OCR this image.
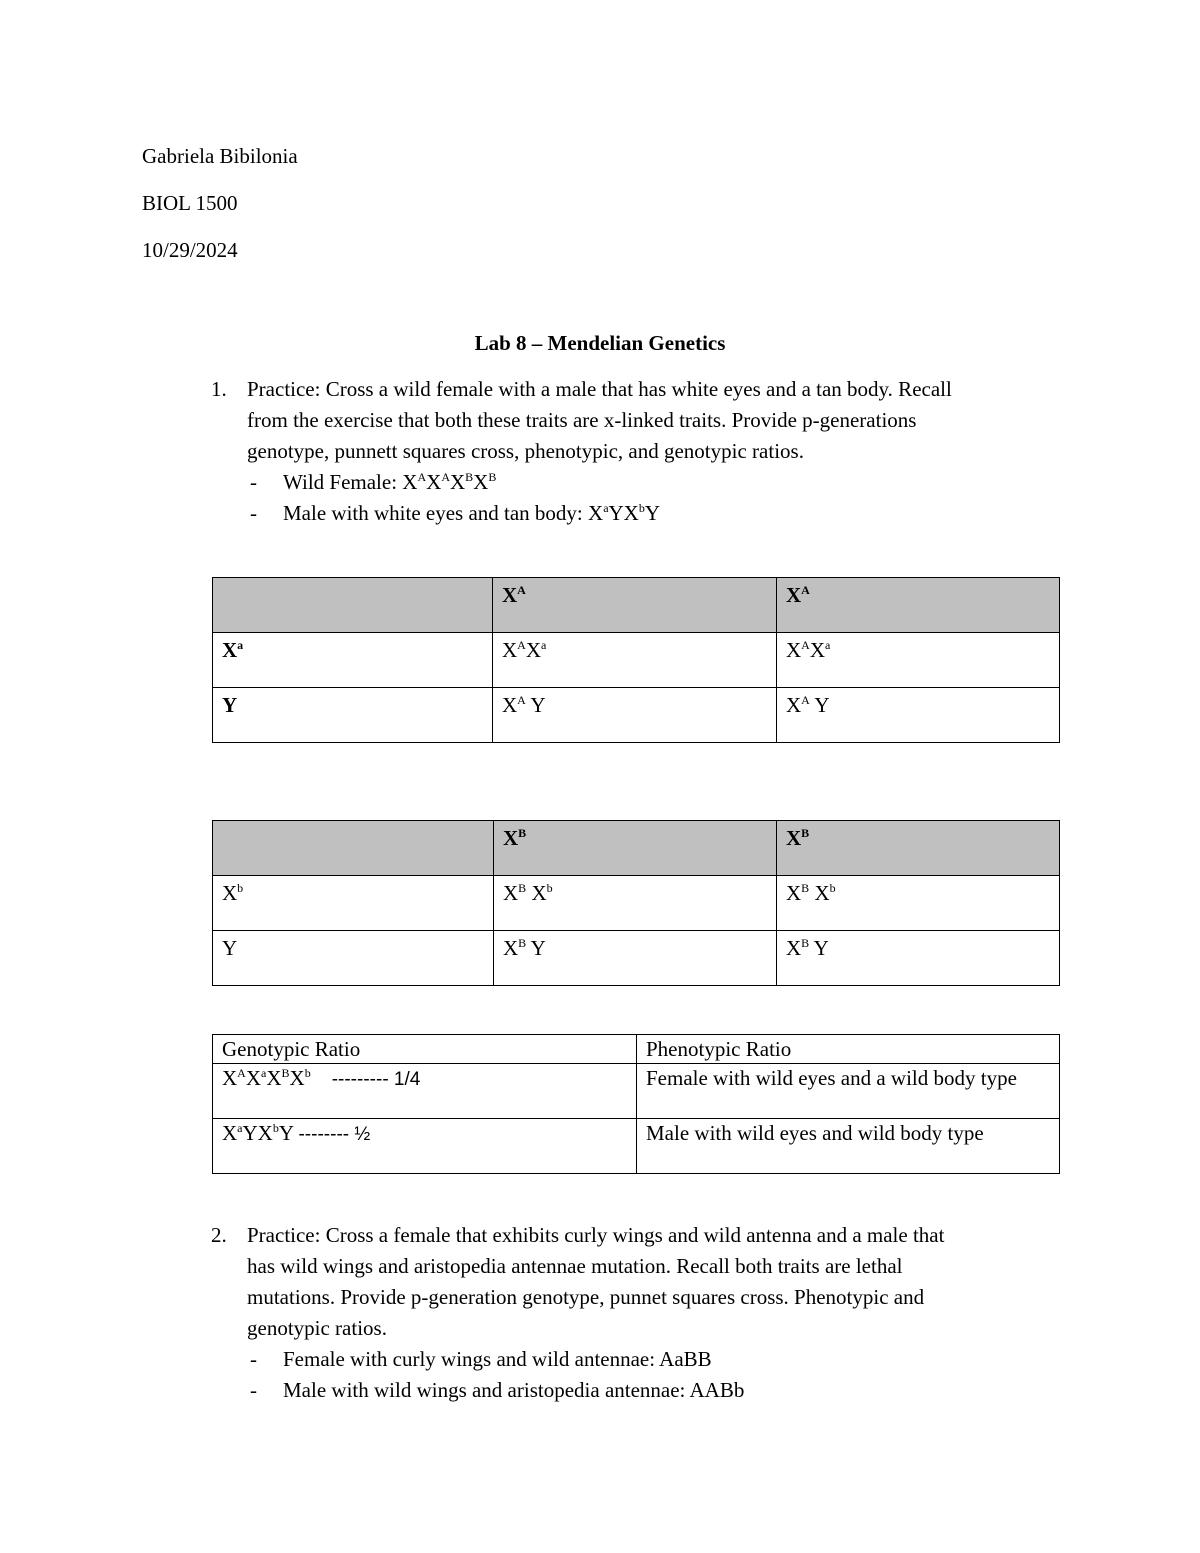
Gabriela Bibilonia
BIOL 1500
10/29/2024
Lab 8 – Mendelian Genetics
1. Practice: Cross a wild female with a male that has white eyes and a tan body. Recall
from the exercise that both these traits are x-linked traits. Provide p-generations
genotype, punnett squares cross, phenotypic, and genotypic ratios.
- Wild Female: $X^AX^AX^BX^B$
- Male with white eyes and tan body: $X^aYX^bY$
	$X^A$	$X^A$
$X^a$	$X^AX^a$	$X^AX^a$
Y	$X^A$ Y	$X^A$ Y
	$X^B$	$X^B$
$X^b$	$X^B$ $X^b$	$X^B$ $X^b$
Y	$X^B$ Y	$X^B$ Y
Genotypic Ratio	Phenotypic Ratio
$X^AX^aX^BX^b$ --------- 1/4	Female with wild eyes and a wild body type
$X^aYX^bY$ -------- ½	Male with wild eyes and wild body type
2. Practice: Cross a female that exhibits curly wings and wild antenna and a male that
has wild wings and aristopedia antennae mutation. Recall both traits are lethal
mutations. Provide p-generation genotype, punnet squares cross. Phenotypic and
genotypic ratios.
- Female with curly wings and wild antennae: AaBB
- Male with wild wings and aristopedia antennae: AABb
